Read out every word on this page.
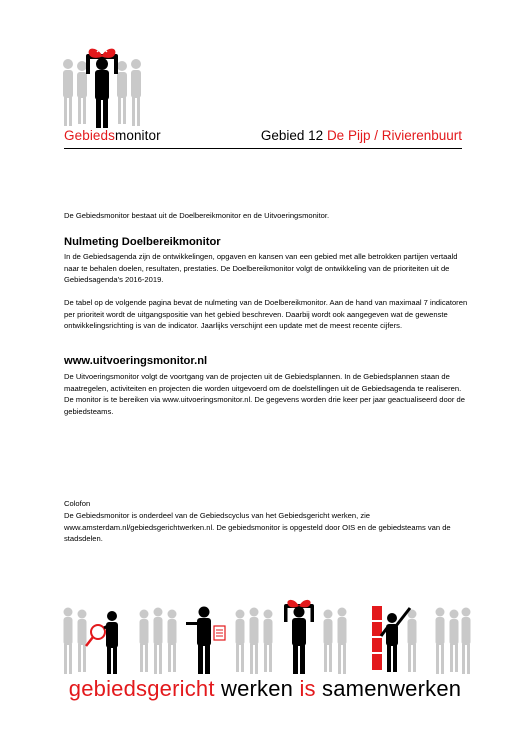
Gebiedsmonitor	Gebied 12 De Pijp / Rivierenbuurt
De Gebiedsmonitor bestaat uit de Doelbereikmonitor en de Uitvoeringsmonitor.
Nulmeting Doelbereikmonitor
In de Gebiedsagenda zijn de ontwikkelingen, opgaven en kansen van een gebied met alle betrokken partijen vertaald naar te behalen doelen, resultaten, prestaties. De Doelbereikmonitor volgt de ontwikkeling van de prioriteiten uit de Gebiedsagenda's 2016-2019.
De tabel op de volgende pagina bevat de nulmeting van de Doelbereikmonitor. Aan de hand van maximaal 7 indicatoren per prioriteit wordt de uitgangspositie van het gebied beschreven. Daarbij wordt ook aangegeven wat de gewenste ontwikkelingsrichting is van de indicator. Jaarlijks verschijnt een update met de meest recente cijfers.
www.uitvoeringsmonitor.nl
De Uitvoeringsmonitor volgt de voortgang van de projecten uit de Gebiedsplannen. In de Gebiedsplannen staan de maatregelen, activiteiten en projecten die worden uitgevoerd om de doelstellingen uit de Gebiedsagenda te realiseren. De monitor is te bereiken via www.uitvoeringsmonitor.nl. De gegevens worden drie keer per jaar geactualiseerd door de gebiedsteams.
Colofon
De Gebiedsmonitor is onderdeel van de Gebiedscyclus van het Gebiedsgericht werken, zie www.amsterdam.nl/gebiedsgerichtwerken.nl. De gebiedsmonitor is opgesteld door OIS en de gebiedsteams van de stadsdelen.
gebiedsgericht werken is samenwerken
